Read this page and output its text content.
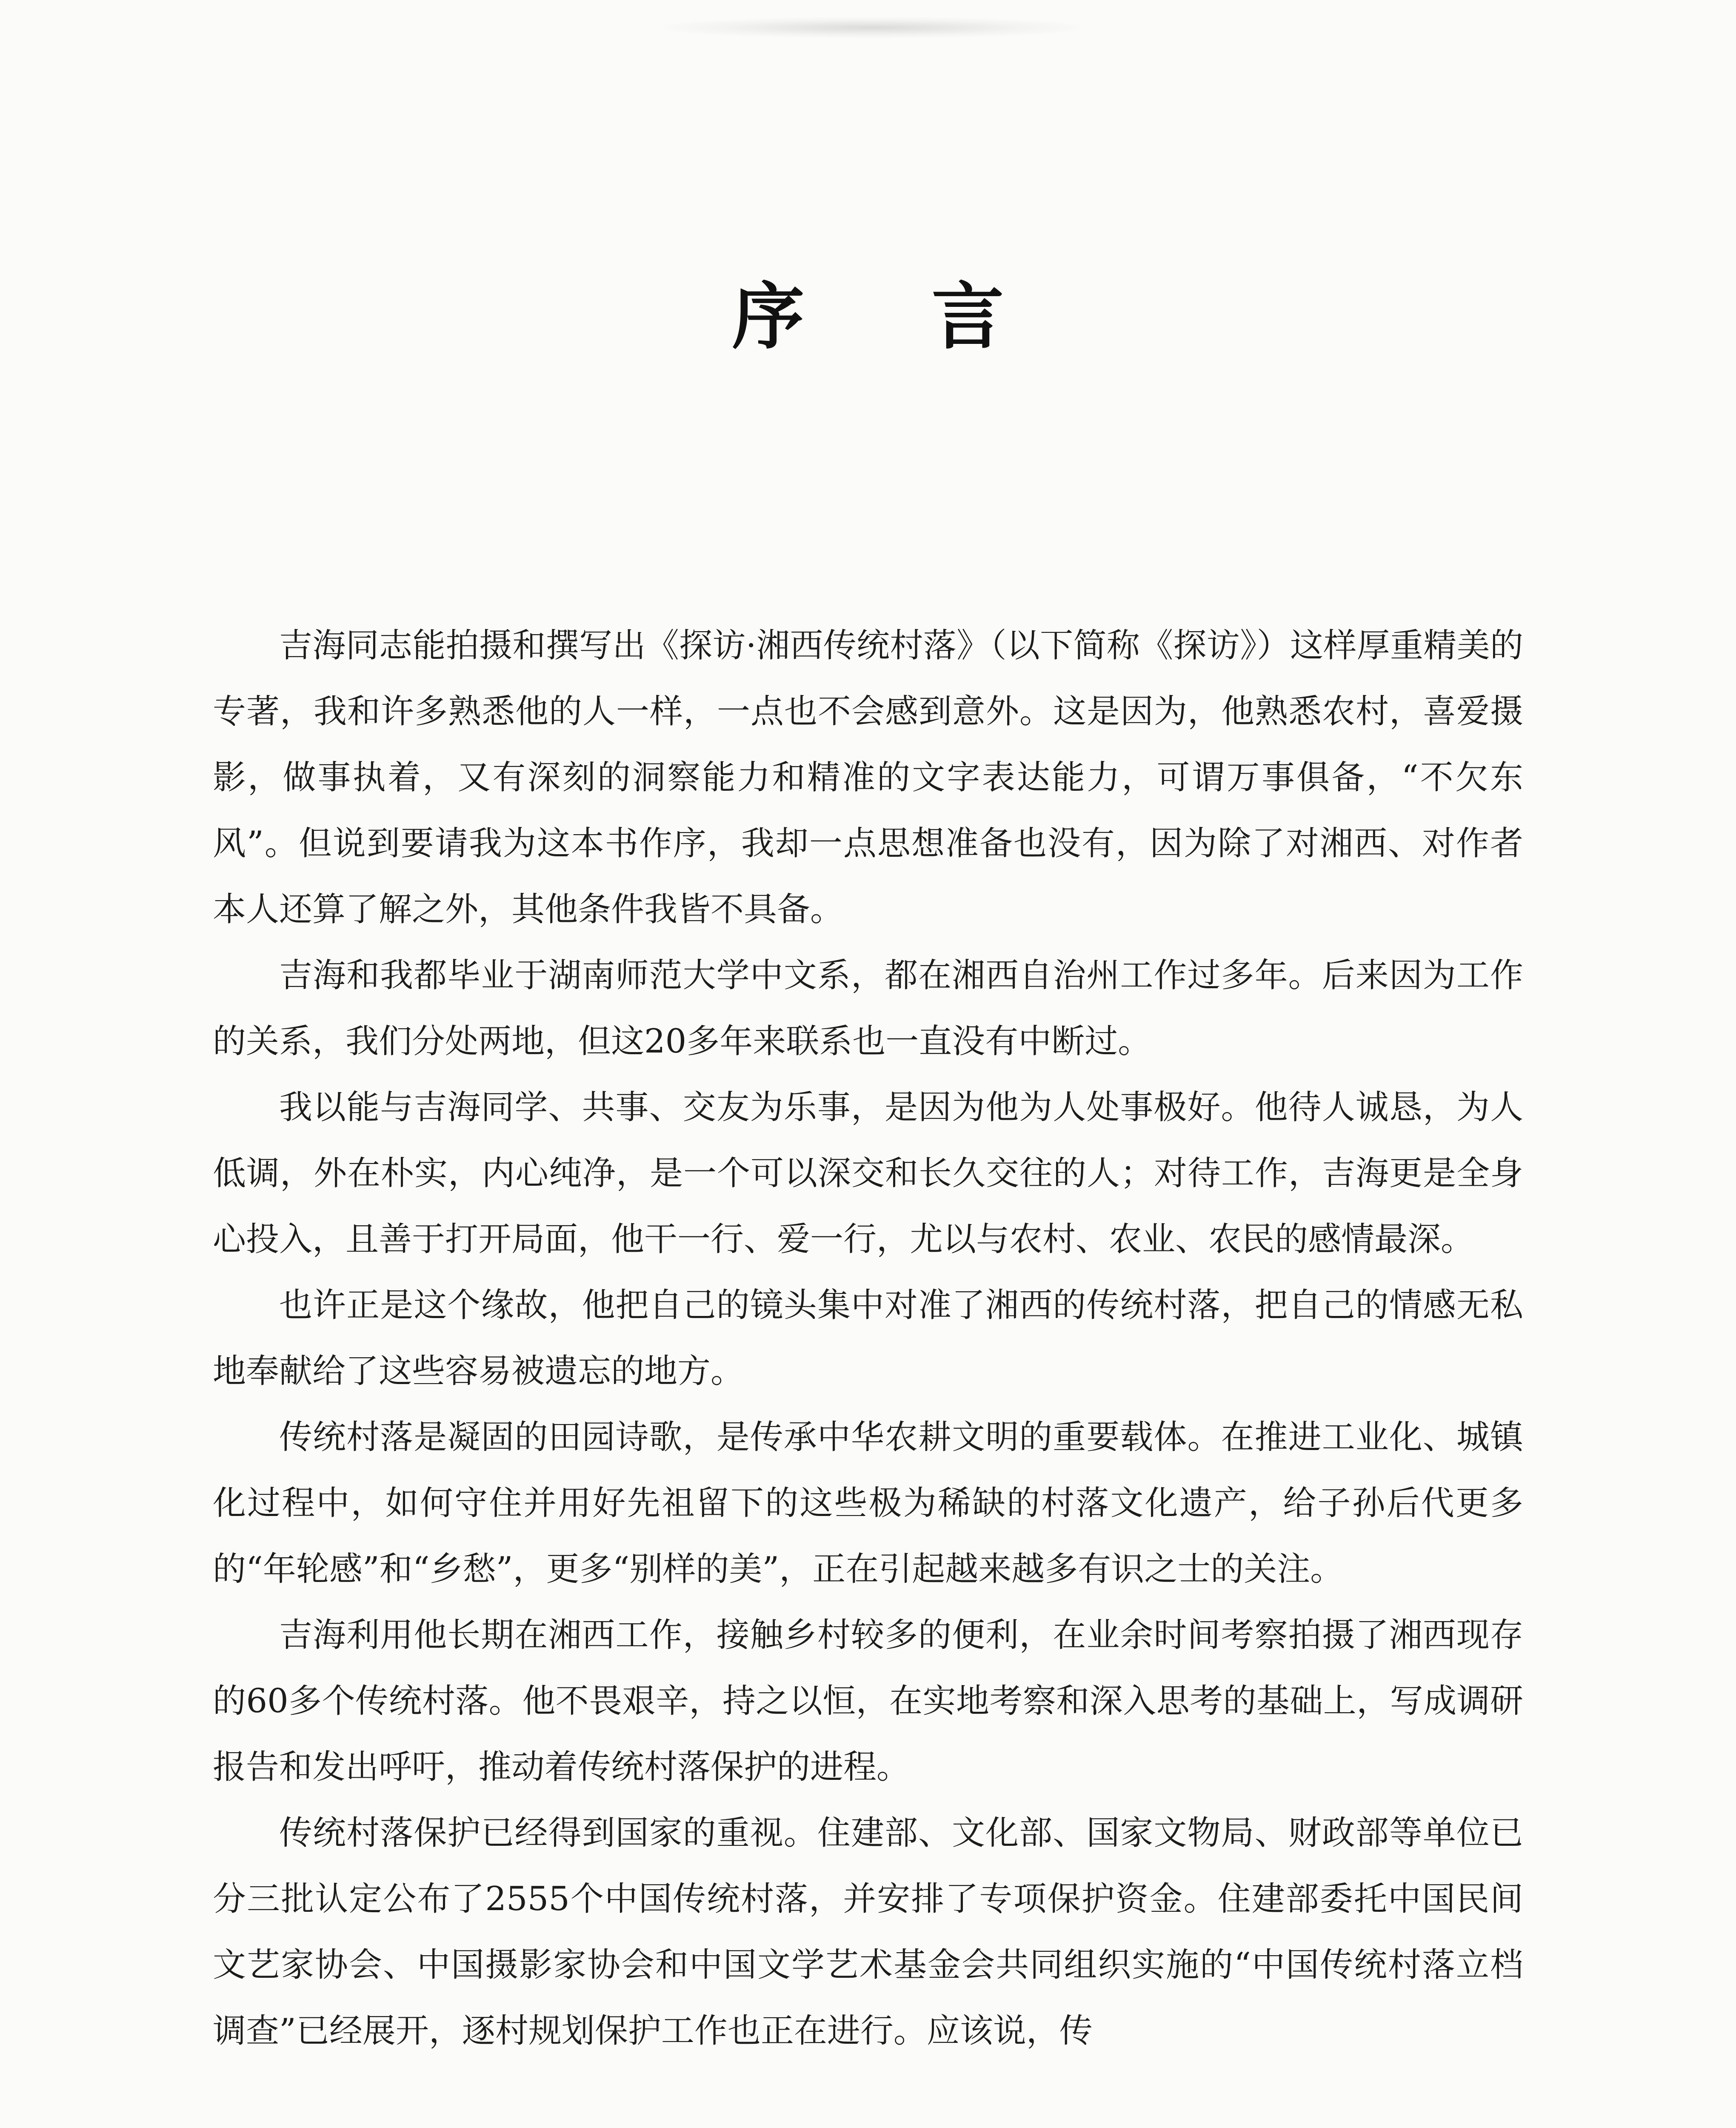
序 言

吉海同志能拍摄和撰写出《探访·湘西传统村落》（以下简称《探访》）这样厚重精美的专著，我和许多熟悉他的人一样，一点也不会感到意外。这是因为，他熟悉农村，喜爱摄影，做事执着，又有深刻的洞察能力和精准的文字表达能力，可谓万事俱备，“不欠东风”。但说到要请我为这本书作序，我却一点思想准备也没有，因为除了对湘西、对作者本人还算了解之外，其他条件我皆不具备。

吉海和我都毕业于湖南师范大学中文系，都在湘西自治州工作过多年。后来因为工作的关系，我们分处两地，但这20多年来联系也一直没有中断过。

我以能与吉海同学、共事、交友为乐事，是因为他为人处事极好。他待人诚恳，为人低调，外在朴实，内心纯净，是一个可以深交和长久交往的人；对待工作，吉海更是全身心投入，且善于打开局面，他干一行、爱一行，尤以与农村、农业、农民的感情最深。

也许正是这个缘故，他把自己的镜头集中对准了湘西的传统村落，把自己的情感无私地奉献给了这些容易被遗忘的地方。

传统村落是凝固的田园诗歌，是传承中华农耕文明的重要载体。在推进工业化、城镇化过程中，如何守住并用好先祖留下的这些极为稀缺的村落文化遗产，给子孙后代更多的“年轮感”和“乡愁”，更多“别样的美”，正在引起越来越多有识之士的关注。

吉海利用他长期在湘西工作，接触乡村较多的便利，在业余时间考察拍摄了湘西现存的60多个传统村落。他不畏艰辛，持之以恒，在实地考察和深入思考的基础上，写成调研报告和发出呼吁，推动着传统村落保护的进程。

传统村落保护已经得到国家的重视。住建部、文化部、国家文物局、财政部等单位已分三批认定公布了2555个中国传统村落，并安排了专项保护资金。住建部委托中国民间文艺家协会、中国摄影家协会和中国文学艺术基金会共同组织实施的“中国传统村落立档调查”已经展开，逐村规划保护工作也正在进行。应该说，传
